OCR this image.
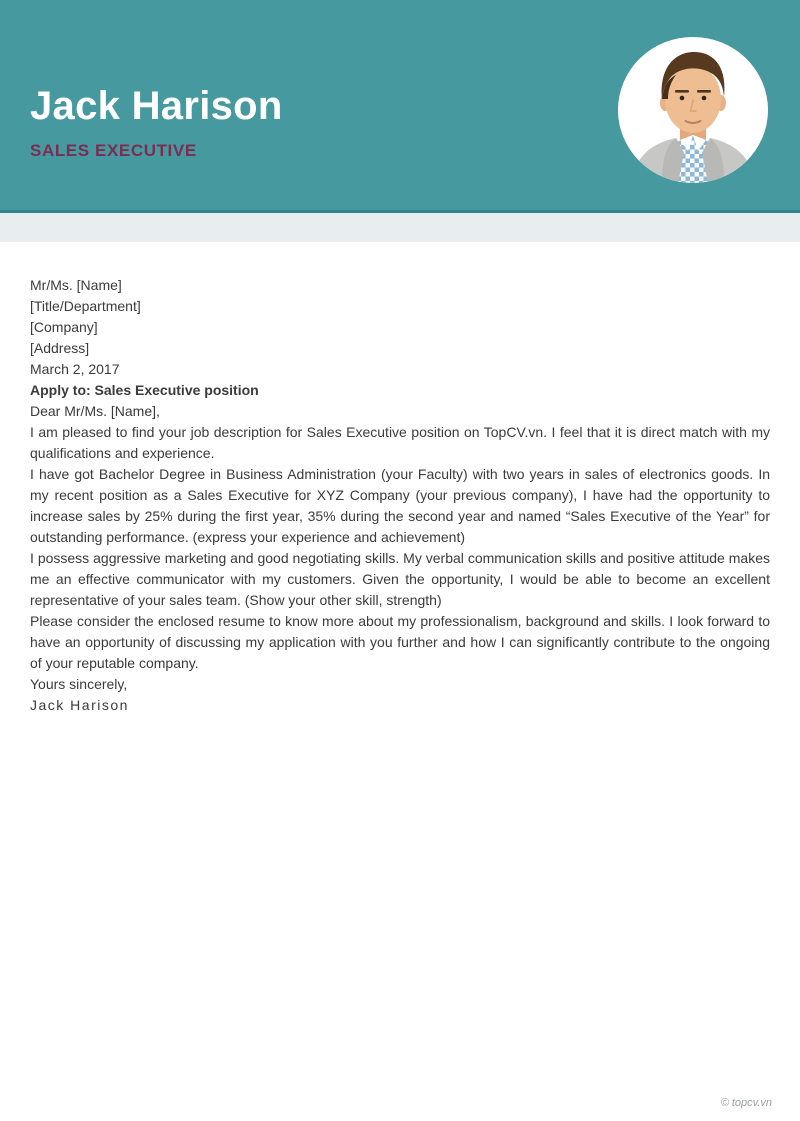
Jack Harison
SALES EXECUTIVE
Mr/Ms. [Name]
[Title/Department]
[Company]
[Address]

March 2, 2017

Apply to: Sales Executive position

Dear Mr/Ms. [Name],

I am pleased to find your job description for Sales Executive position on TopCV.vn. I feel that it is direct match with my qualifications and experience.

I have got Bachelor Degree in Business Administration (your Faculty) with two years in sales of electronics goods. In my recent position as a Sales Executive for XYZ Company (your previous company), I have had the opportunity to increase sales by 25% during the first year, 35% during the second year and named “Sales Executive of the Year” for outstanding performance. (express your experience and achievement)

I possess aggressive marketing and good negotiating skills. My verbal communication skills and positive attitude makes me an effective communicator with my customers. Given the opportunity, I would be able to become an excellent representative of your sales team. (Show your other skill, strength)

Please consider the enclosed resume to know more about my professionalism, background and skills. I look forward to have an opportunity of discussing my application with you further and how I can significantly contribute to the ongoing of your reputable company.

Yours sincerely,

Jack Harison

© topcv.vn
